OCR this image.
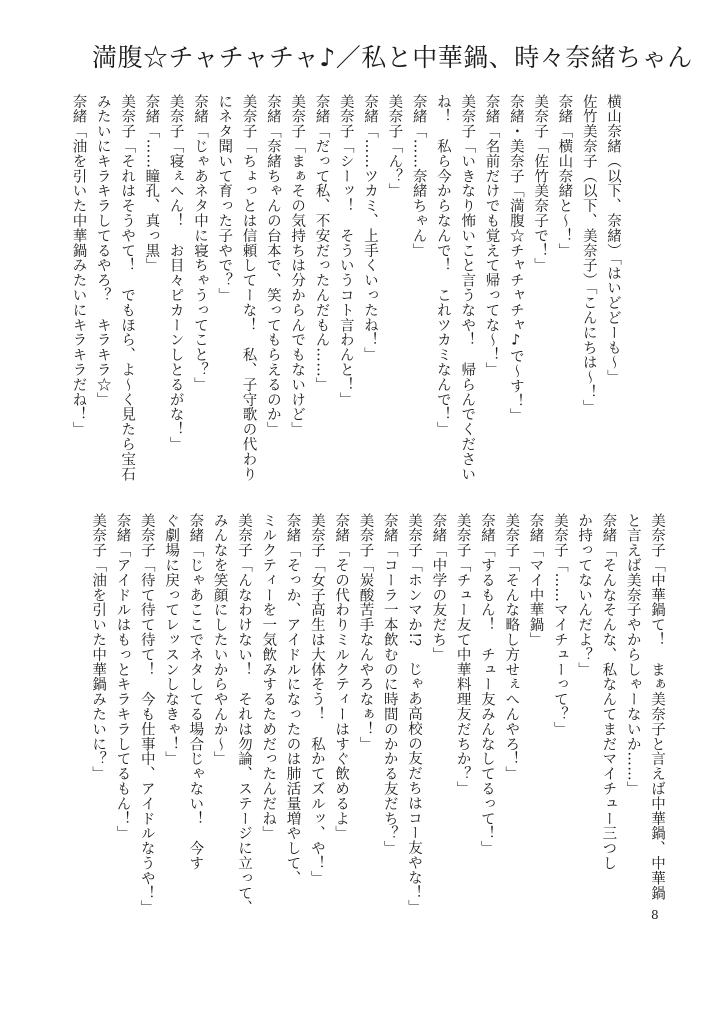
満腹☆チャチャチャ♪／私と中華鍋、時々奈緒ちゃん
横山奈緒（以下、奈緒）「はいどどーも～」
佐竹美奈子（以下、美奈子）「こんにちは～！」
奈緒「横山奈緒と～！」
美奈子「佐竹美奈子で！」
奈緒・美奈子「満腹☆チャチャチャ♪で～す！」
奈緒「名前だけでも覚えて帰ってな～！」
美奈子「いきなり怖いこと言うなや！　帰らんでください
ね！　私ら今からなんで！　これツカミなんで！」
奈緒「……奈緒ちゃん」
美奈子「ん？」
奈緒「……ツカミ、上手くいったね！」
美奈子「シーッ！　そういうコト言わんと！」
奈緒「だって私、不安だったんだもん……」
美奈子「まぁその気持ちは分からんでもないけど」
奈緒「奈緒ちゃんの台本で、笑ってもらえるのか」
美奈子「ちょっとは信頼してーな！　私、子守歌の代わり
にネタ聞いて育った子やで？」
奈緒「じゃあネタ中に寝ちゃうってこと？」
美奈子「寝ぇへん！　お目々ピカーンしとるがな！」
奈緒「……瞳孔、真っ黒」
美奈子「それはそうやて！　でもほら、よ～く見たら宝石
みたいにキラキラしてるやろ？　キラキラ☆」
奈緒「油を引いた中華鍋みたいにキラキラだね！」
美奈子「中華鍋て！　まぁ美奈子と言えば中華鍋、中華鍋
と言えば美奈子やからしゃーないか……」
奈緒「そんなそんな、私なんてまだマイチュー三つし
か持ってないんだよ？」
美奈子「……マイチューって？」
奈緒「マイ中華鍋」
美奈子「そんな略し方せぇへんやろ！」
奈緒「するもん！　チュー友みんなしてるって！」
美奈子「チュー友て中華料理友だちか？」
奈緒「中学の友だち」
美奈子「ホンマか!?　じゃあ高校の友だちはコー友やな！」
奈緒「コーラ一本飲むのに時間のかかる友だち？」
美奈子「炭酸苦手なんやろなぁ！」
奈緒「その代わりミルクティーはすぐ飲めるよ」
美奈子「女子高生は大体そう！　私かてズルッ、や！」
奈緒「そっか、アイドルになったのは肺活量増やして、
ミルクティーを一気飲みするためだったんだね」
美奈子「んなわけない！　それは勿論、ステージに立って、
みんなを笑顔にしたいからやんか～」
奈緒「じゃあここでネタしてる場合じゃない！　今す
ぐ劇場に戻ってレッスンしなきゃ！」
美奈子「待て待て待て！　今も仕事中、アイドルなうや！」
奈緒「アイドルはもっとキラキラしてるもん！」
美奈子「油を引いた中華鍋みたいに？」
8
